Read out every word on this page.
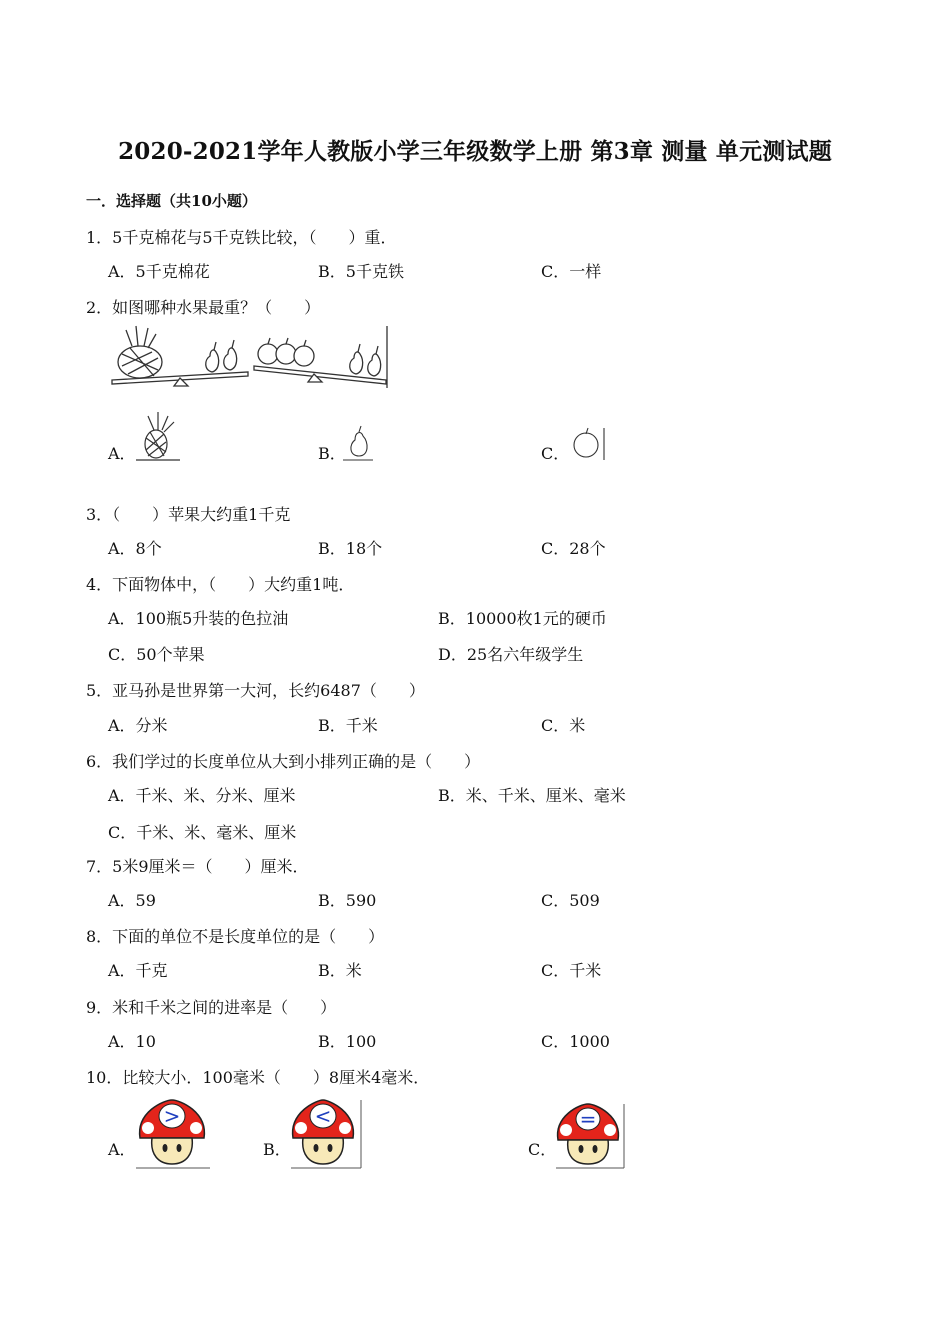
2020-2021学年人教版小学三年级数学上册 第3章 测量 单元测试题
一．选择题（共10小题）
1．5千克棉花与5千克铁比较，（　　）重．
A．5千克棉花	B．5千克铁	C．一样
2．如图哪种水果最重？（　　）
A．	B．	C．
3．（　　）苹果大约重1千克
A．8个	B．18个	C．28个
4．下面物体中，（　　）大约重1吨．
A．100瓶5升装的色拉油	B．10000枚1元的硬币
C．50个苹果	D．25名六年级学生
5．亚马孙是世界第一大河，长约6487（　　）
A．分米	B．千米	C．米
6．我们学过的长度单位从大到小排列正确的是（　　）
A．千米、米、分米、厘米	B．米、千米、厘米、毫米
C．千米、米、毫米、厘米
7．5米9厘米＝（　　）厘米．
A．59	B．590	C．509
8．下面的单位不是长度单位的是（　　）
A．千克	B．米	C．千米
9．米和千米之间的进率是（　　）
A．10	B．100	C．1000
10．比较大小．100毫米（　　）8厘米4毫米．
A．
>
B．
<
C．
=
